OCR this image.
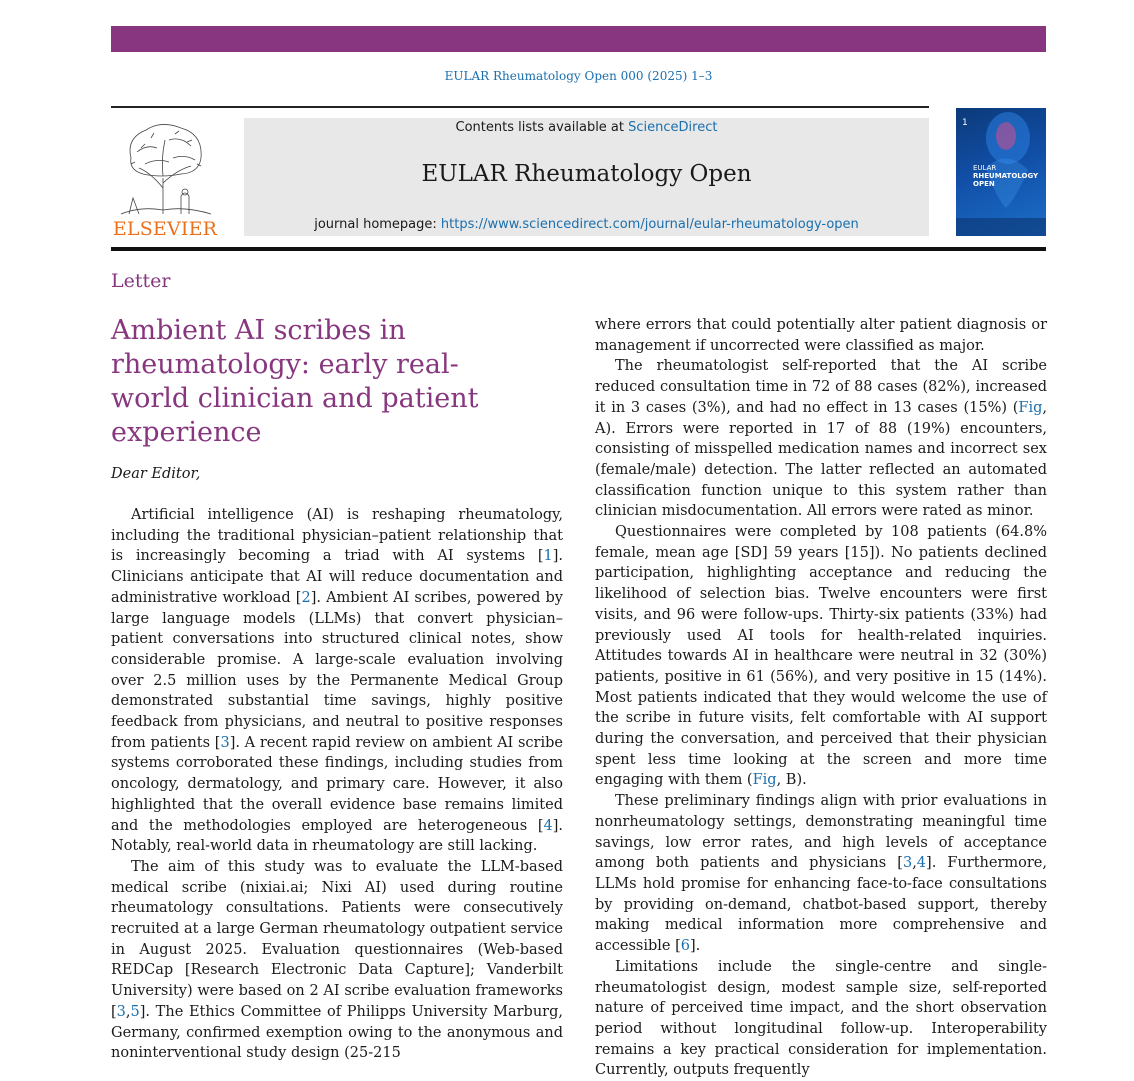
EULAR Rheumatology Open 000 (2025) 1–3
ELSEVIER
Contents lists available at ScienceDirect
EULAR Rheumatology Open
journal homepage: https://www.sciencedirect.com/journal/eular-rheumatology-open
1
EULAR
RHEUMATOLOGY
OPEN
Letter
Ambient AI scribes in rheumatology: early real-world clinician and patient experience
Dear Editor,

Artificial intelligence (AI) is reshaping rheumatology, including the traditional physician–patient relationship that is increasingly becoming a triad with AI systems [1]. Clinicians anticipate that AI will reduce documentation and administrative workload [2]. Ambient AI scribes, powered by large language models (LLMs) that convert physician–patient conversations into structured clinical notes, show considerable promise. A large-scale evaluation involving over 2.5 million uses by the Permanente Medical Group demonstrated substantial time savings, highly positive feedback from physicians, and neutral to positive responses from patients [3]. A recent rapid review on ambient AI scribe systems corroborated these findings, including studies from oncology, dermatology, and primary care. However, it also highlighted that the overall evidence base remains limited and the methodologies employed are heterogeneous [4]. Notably, real-world data in rheumatology are still lacking.

The aim of this study was to evaluate the LLM-based medical scribe (nixiai.ai; Nixi AI) used during routine rheumatology consultations. Patients were consecutively recruited at a large German rheumatology outpatient service in August 2025. Evaluation questionnaires (Web-based REDCap [Research Electronic Data Capture]; Vanderbilt University) were based on 2 AI scribe evaluation frameworks [3,5]. The Ethics Committee of Philipps University Marburg, Germany, confirmed exemption owing to the anonymous and noninterventional study design (25-215

where errors that could potentially alter patient diagnosis or management if uncorrected were classified as major.

The rheumatologist self-reported that the AI scribe reduced consultation time in 72 of 88 cases (82%), increased it in 3 cases (3%), and had no effect in 13 cases (15%) (Fig, A). Errors were reported in 17 of 88 (19%) encounters, consisting of misspelled medication names and incorrect sex (female/male) detection. The latter reflected an automated classification function unique to this system rather than clinician misdocumentation. All errors were rated as minor.

Questionnaires were completed by 108 patients (64.8% female, mean age [SD] 59 years [15]). No patients declined participation, highlighting acceptance and reducing the likelihood of selection bias. Twelve encounters were first visits, and 96 were follow-ups. Thirty-six patients (33%) had previously used AI tools for health-related inquiries. Attitudes towards AI in healthcare were neutral in 32 (30%) patients, positive in 61 (56%), and very positive in 15 (14%). Most patients indicated that they would welcome the use of the scribe in future visits, felt comfortable with AI support during the conversation, and perceived that their physician spent less time looking at the screen and more time engaging with them (Fig, B).

These preliminary findings align with prior evaluations in nonrheumatology settings, demonstrating meaningful time savings, low error rates, and high levels of acceptance among both patients and physicians [3,4]. Furthermore, LLMs hold promise for enhancing face-to-face consultations by providing on-demand, chatbot-based support, thereby making medical information more comprehensive and accessible [6].

Limitations include the single-centre and single-rheumatologist design, modest sample size, self-reported nature of perceived time impact, and the short observation period without longitudinal follow-up. Interoperability remains a key practical consideration for implementation. Currently, outputs frequently
